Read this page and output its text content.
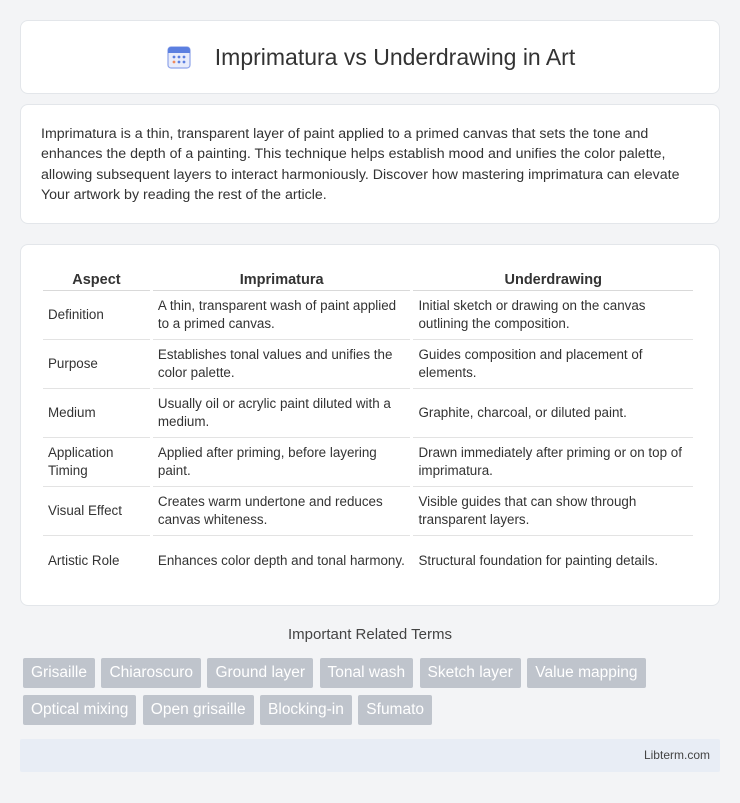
Imprimatura vs Underdrawing in Art

Imprimatura is a thin, transparent layer of paint applied to a primed canvas that sets the tone and enhances the depth of a painting. This technique helps establish mood and unifies the color palette, allowing subsequent layers to interact harmoniously. Discover how mastering imprimatura can elevate Your artwork by reading the rest of the article.

Aspect	Imprimatura	Underdrawing
Definition	A thin, transparent wash of paint applied to a primed canvas.	Initial sketch or drawing on the canvas outlining the composition.
Purpose	Establishes tonal values and unifies the color palette.	Guides composition and placement of elements.
Medium	Usually oil or acrylic paint diluted with a medium.	Graphite, charcoal, or diluted paint.
Application Timing	Applied after priming, before layering paint.	Drawn immediately after priming or on top of imprimatura.
Visual Effect	Creates warm undertone and reduces canvas whiteness.	Visible guides that can show through transparent layers.
Artistic Role	Enhances color depth and tonal harmony.	Structural foundation for painting details.
Important Related Terms
Grisaille Chiaroscuro Ground layer Tonal wash Sketch layer Value mapping Optical mixing Open grisaille Blocking-in Sfumato
Libterm.com
